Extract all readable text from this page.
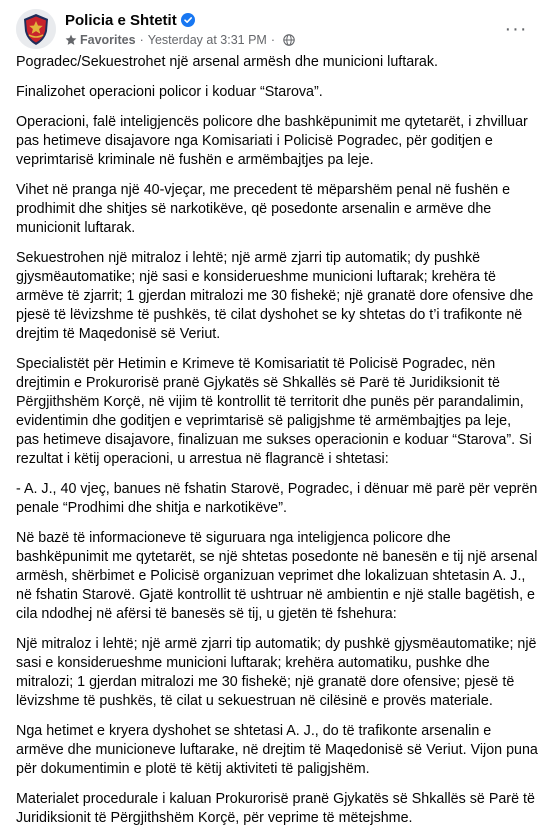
Policia e Shtetit
Favorites · Yesterday at 3:31 PM ·
···

Pogradec/Sekuestrohet një arsenal armësh dhe municioni luftarak.

Finalizohet operacioni policor i koduar “Starova”.

Operacioni, falë inteligjencës policore dhe bashkëpunimit me qytetarët, i zhvilluar pas hetimeve disajavore nga Komisariati i Policisë Pogradec, për goditjen e veprimtarisë kriminale në fushën e armëmbajtjes pa leje.

Vihet në pranga një 40-vjeçar, me precedent të mëparshëm penal në fushën e prodhimit dhe shitjes së narkotikëve, që posedonte arsenalin e armëve dhe municionit luftarak.

Sekuestrohen një mitraloz i lehtë; një armë zjarri tip automatik; dy pushkë gjysmëautomatike; një sasi e konsiderueshme municioni luftarak; krehëra të armëve të zjarrit; 1 gjerdan mitralozi me 30 fishekë; një granatë dore ofensive dhe pjesë të lëvizshme të pushkës, të cilat dyshohet se ky shtetas do t’i trafikonte në drejtim të Maqedonisë së Veriut.

Specialistët për Hetimin e Krimeve të Komisariatit të Policisë Pogradec, nën drejtimin e Prokurorisë pranë Gjykatës së Shkallës së Parë të Juridiksionit të Përgjithshëm Korçë, në vijim të kontrollit të territorit dhe punës për parandalimin, evidentimin dhe goditjen e veprimtarisë së paligjshme të armëmbajtjes pa leje, pas hetimeve disajavore, finalizuan me sukses operacionin e koduar “Starova”. Si rezultat i këtij operacioni, u arrestua në flagrancë i shtetasi:

- A. J., 40 vjeç, banues në fshatin Starovë, Pogradec, i dënuar më parë për veprën penale “Prodhimi dhe shitja e narkotikëve”.

Në bazë të informacioneve të siguruara nga inteligjenca policore dhe bashkëpunimit me qytetarët, se një shtetas posedonte në banesën e tij një arsenal armësh, shërbimet e Policisë organizuan veprimet dhe lokalizuan shtetasin A. J., në fshatin Starovë. Gjatë kontrollit të ushtruar në ambientin e një stalle bagëtish, e cila ndodhej në afërsi të banesës së tij, u gjetën të fshehura:

Një mitraloz i lehtë; një armë zjarri tip automatik; dy pushkë gjysmëautomatike; një sasi e konsiderueshme municioni luftarak; krehëra automatiku, pushke dhe mitralozi; 1 gjerdan mitralozi me 30 fishekë; një granatë dore ofensive; pjesë të lëvizshme të pushkës, të cilat u sekuestruan në cilësinë e provës materiale.

Nga hetimet e kryera dyshohet se shtetasi A. J., do të trafikonte arsenalin e armëve dhe municioneve luftarake, në drejtim të Maqedonisë së Veriut. Vijon puna për dokumentimin e plotë të këtij aktiviteti të paligjshëm.

Materialet procedurale i kaluan Prokurorisë pranë Gjykatës së Shkallës së Parë të Juridiksionit të Përgjithshëm Korçë, për veprime të mëtejshme.
